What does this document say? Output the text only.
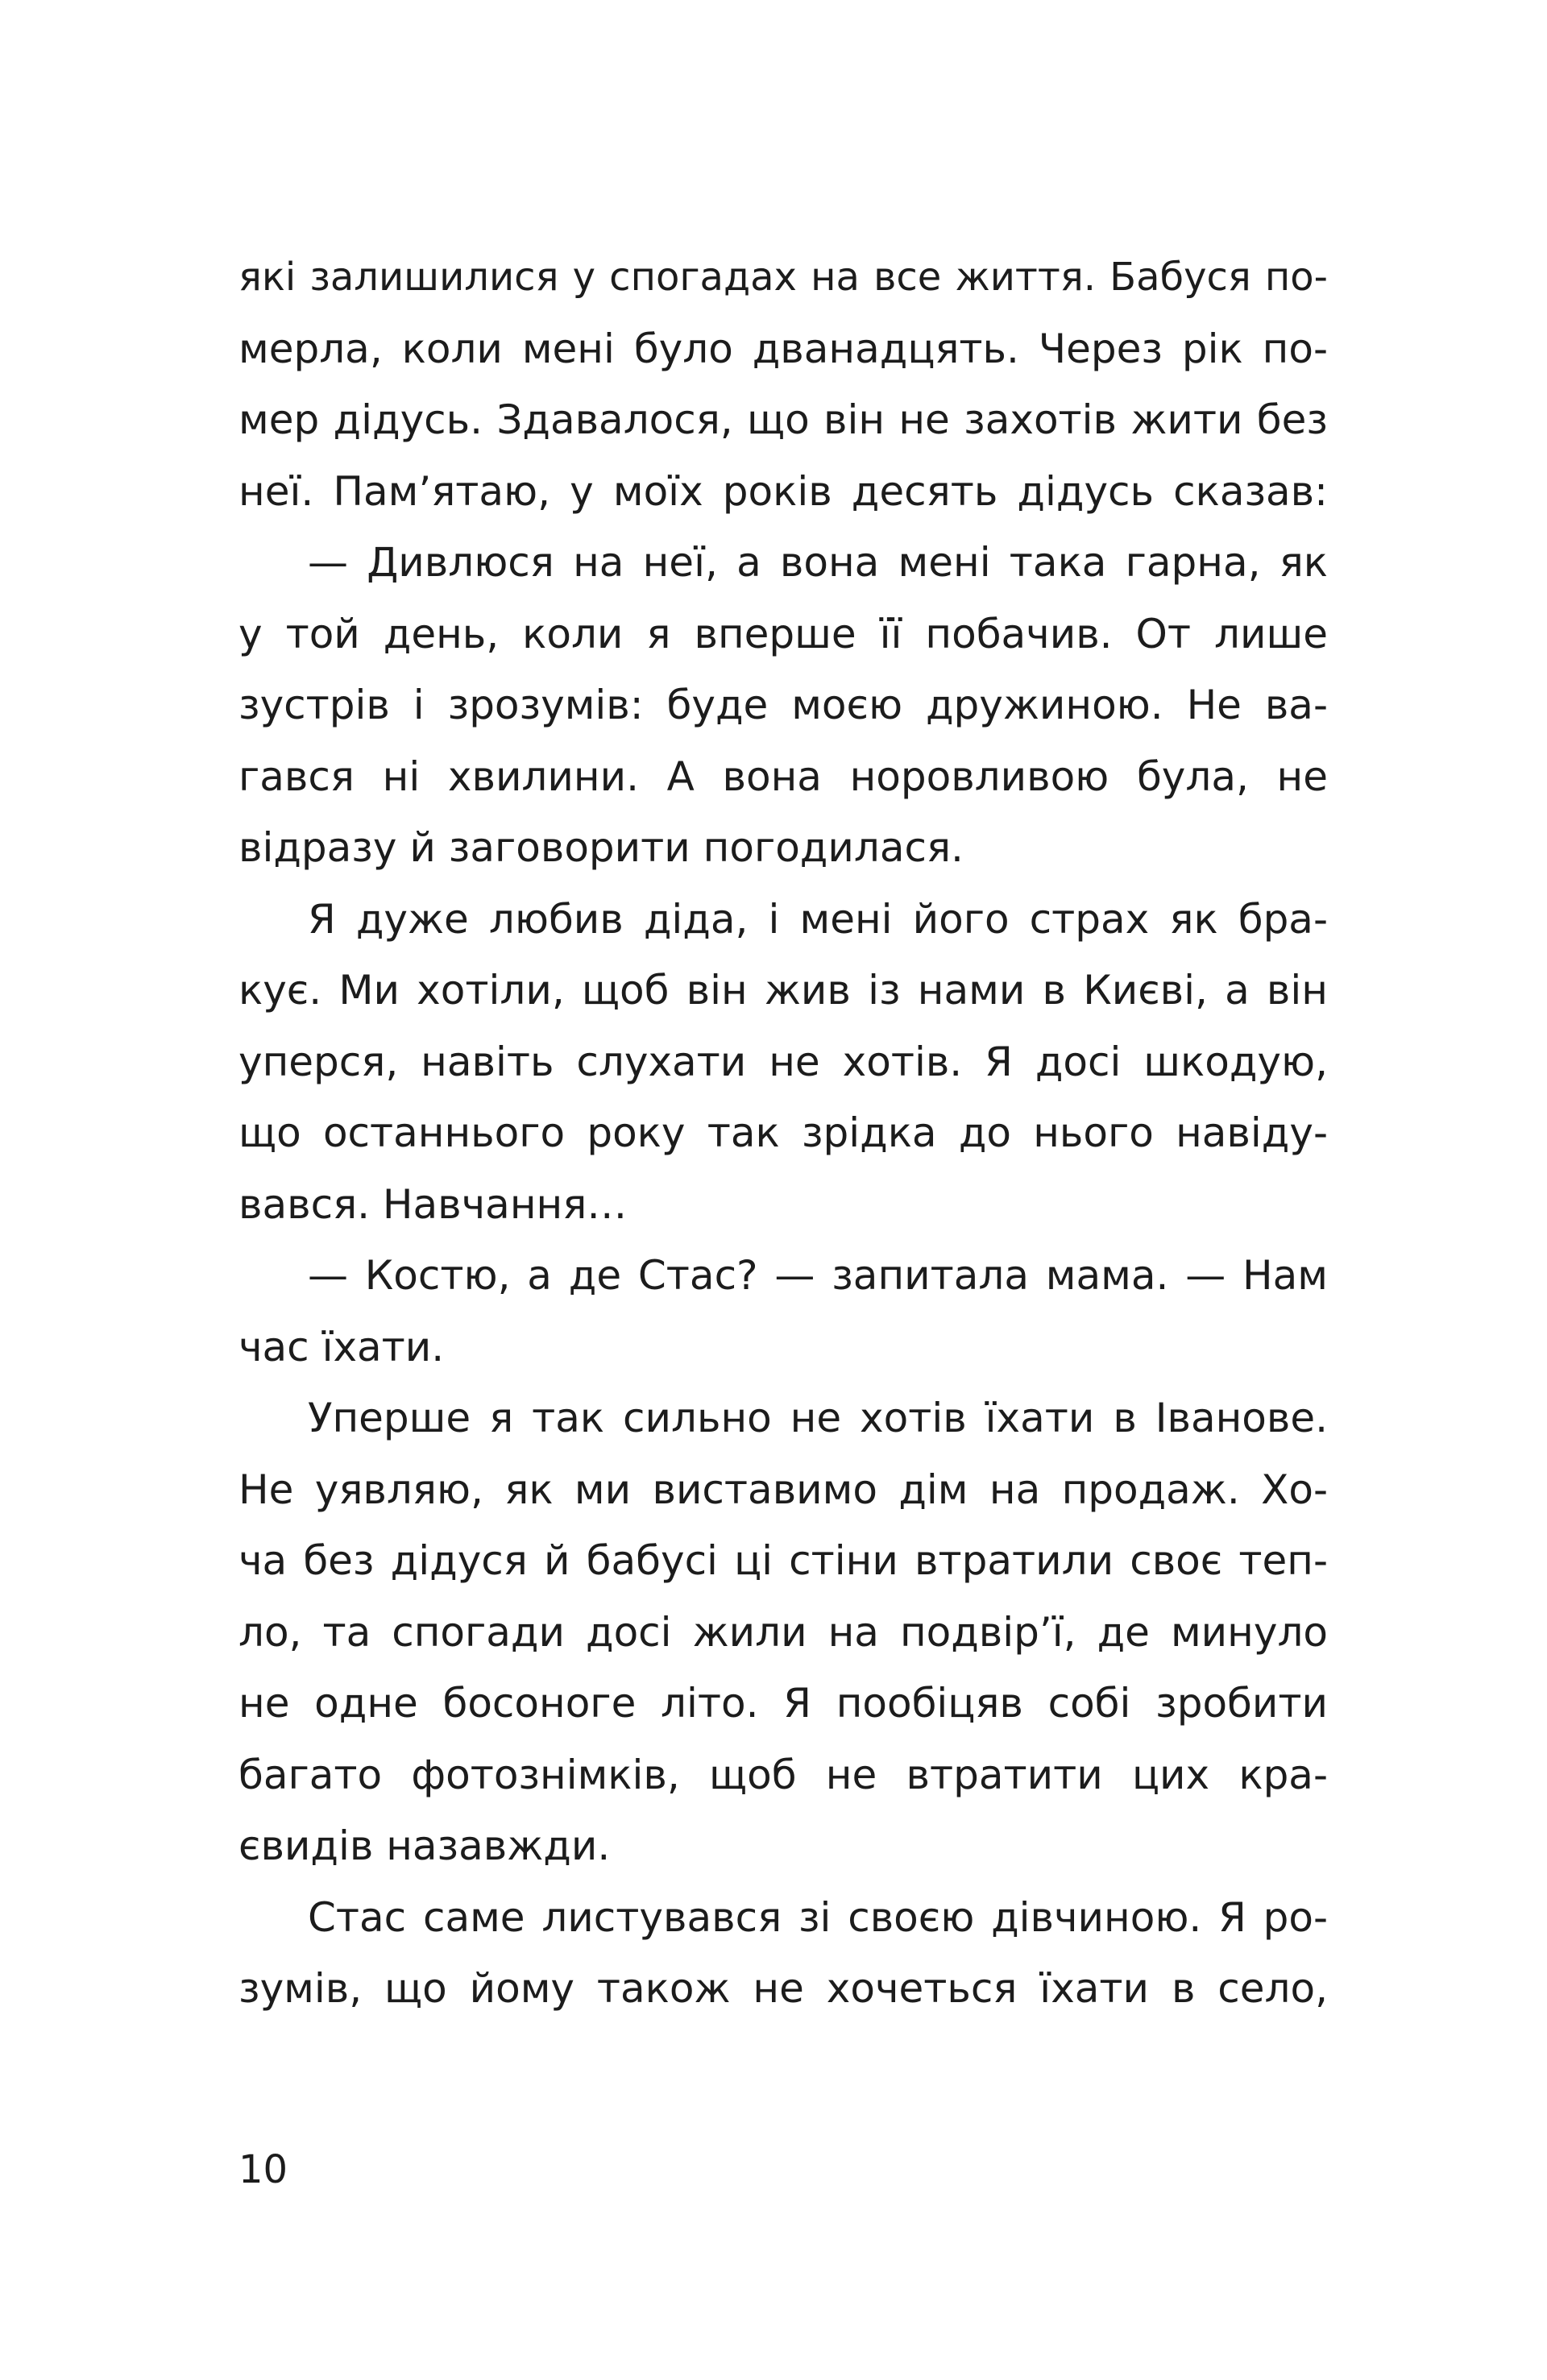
які залишилися у спогадах на все життя. Бабуся по-
мерла, коли мені було дванадцять. Через рік по-
мер дідусь. Здавалося, що він не захотів жити без
неї. Пам’ятаю, у моїх років десять дідусь сказав:
— Дивлюся на неї, а вона мені така гарна, як
у той день, коли я вперше її побачив. От лише
зустрів і зрозумів: буде моєю дружиною. Не ва-
гався ні хвилини. А вона норовливою була, не
відразу й заговорити погодилася.
Я дуже любив діда, і мені його страх як бра-
кує. Ми хотіли, щоб він жив із нами в Києві, а він
уперся, навіть слухати не хотів. Я досі шкодую,
що останнього року так зрідка до нього навіду-
вався. Навчання…
— Костю, а де Стас? — запитала мама. — Нам
час їхати.
Уперше я так сильно не хотів їхати в Іванове.
Не уявляю, як ми виставимо дім на продаж. Хо-
ча без дідуся й бабусі ці стіни втратили своє теп-
ло, та спогади досі жили на подвір’ї, де минуло
не одне босоноге літо. Я пообіцяв собі зробити
багато фотознімків, щоб не втратити цих кра-
євидів назавжди.
Стас саме листувався зі своєю дівчиною. Я ро-
зумів, що йому також не хочеться їхати в село,
10
